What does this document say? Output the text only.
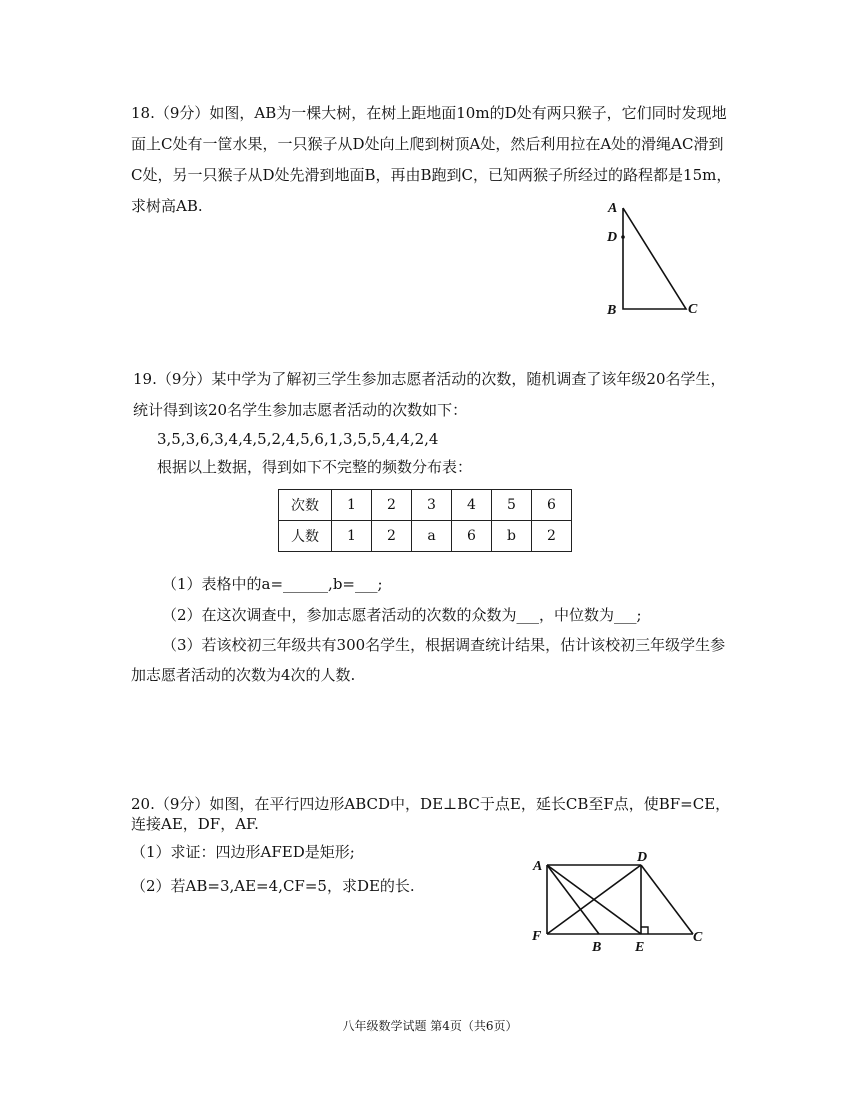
18.（9分）如图，AB为一棵大树，在树上距地面10m的D处有两只猴子，它们同时发现地
面上C处有一筐水果，一只猴子从D处向上爬到树顶A处，然后利用拉在A处的滑绳AC滑到
C处，另一只猴子从D处先滑到地面B，再由B跑到C，已知两猴子所经过的路程都是15m，
求树高AB.	A
D
B	C
19.（9分）某中学为了解初三学生参加志愿者活动的次数，随机调查了该年级20名学生，
统计得到该20名学生参加志愿者活动的次数如下：
3,5,3,6,3,4,4,5,2,4,5,6,1,3,5,5,4,4,2,4
根据以上数据，得到如下不完整的频数分布表：
次数	1	2	3	4	5	6
人数	1	2	a	6	b	2
（1）表格中的a=______,b=___;
（2）在这次调查中，参加志愿者活动的次数的众数为___，中位数为___;
（3）若该校初三年级共有300名学生，根据调查统计结果，估计该校初三年级学生参
加志愿者活动的次数为4次的人数.
20.（9分）如图，在平行四边形ABCD中，DE⊥BC于点E，延长CB至F点，使BF=CE，
连接AE，DF，AF.
（1）求证：四边形AFED是矩形;
（2）若AB=3,AE=4,CF=5，求DE的长.
A
D
F
B E
C
八年级数学试题 第4页（共6页）
